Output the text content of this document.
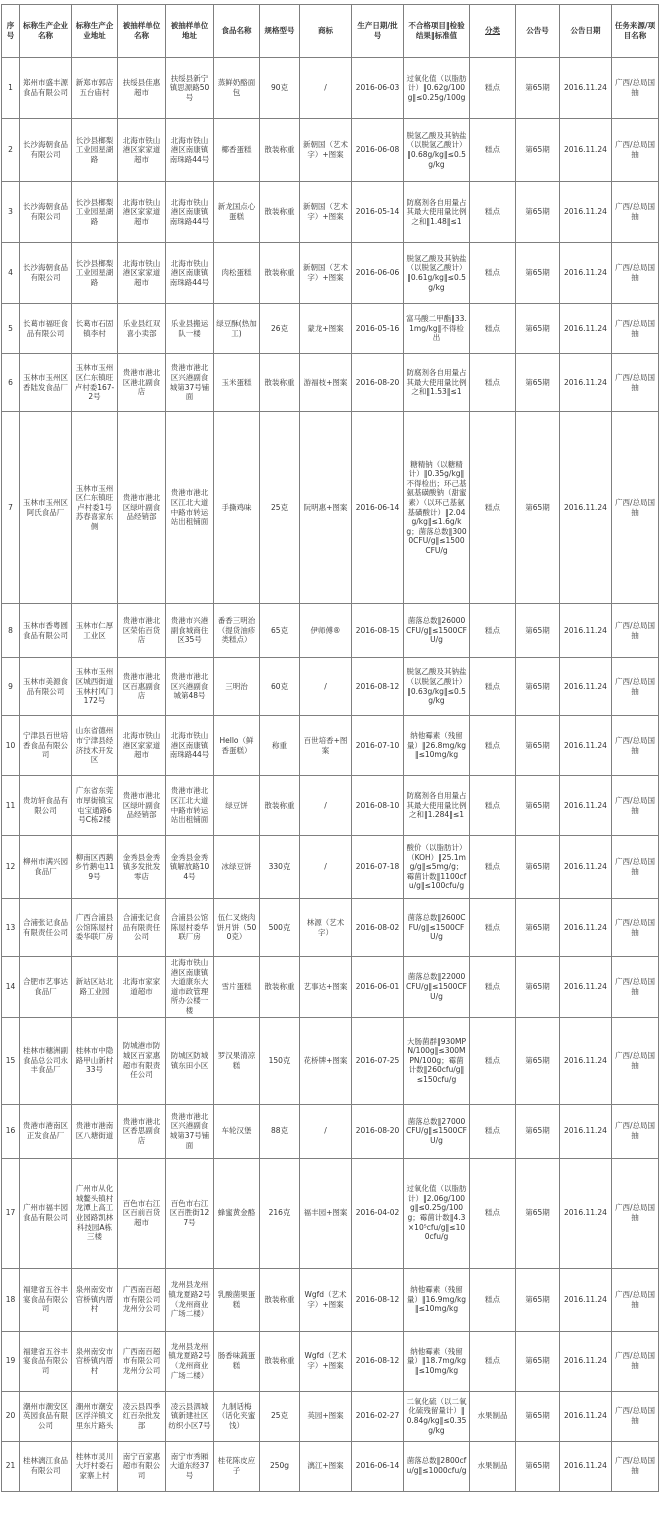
序号	标称生产企业名称	标称生产企业地址	被抽样单位名称	被抽样单位地址	食品名称	规格型号	商标	生产日期/批号	不合格项目‖检验结果‖标准值	分类	公告号	公告日期	任务来源/项目名称
1	郑州市盛丰源食品有限公司	新郑市郭店五台庙村	扶绥县佳惠超市	扶绥县新宁镇思源路50号	蒸鲜奶酪面包	90克	/	2016-06-03	过氧化值（以脂肪计）‖0.62g/100g‖≤0.25g/100g	糕点	第65期	2016.11.24	广西/总局国抽
2	长沙海朝食品有限公司	长沙县榔梨工业园星湖路	北海市铁山港区家家道超市	北海市铁山港区南康镇南珠路44号	椰香蛋糕	散装称重	新朝国（艺术字）+图案	2016-06-08	脱氢乙酸及其钠盐（以脱氢乙酸计）‖0.68g/kg‖≤0.5g/kg	糕点	第65期	2016.11.24	广西/总局国抽
3	长沙海朝食品有限公司	长沙县榔梨工业园星湖路	北海市铁山港区家家道超市	北海市铁山港区南康镇南珠路44号	新龙国点心蛋糕	散装称重	新朝国（艺术字）+图案	2016-05-14	防腐剂各自用量占其最大使用量比例之和‖1.48‖≤1	糕点	第65期	2016.11.24	广西/总局国抽
4	长沙海朝食品有限公司	长沙县榔梨工业园星湖路	北海市铁山港区家家道超市	北海市铁山港区南康镇南珠路44号	肉松蛋糕	散装称重	新朝国（艺术字）+图案	2016-06-06	脱氢乙酸及其钠盐（以脱氢乙酸计）‖0.61g/kg‖≤0.5g/kg	糕点	第65期	2016.11.24	广西/总局国抽
5	长葛市福旺食品有限公司	长葛市石固镇李村	乐业县红双喜小卖部	乐业县搬运队一楼	绿豆酥(热加工)	26克	蒙龙+图案	2016-05-16	富马酸二甲酯‖33.1mg/kg‖不得检出	糕点	第65期	2016.11.24	广西/总局国抽
6	玉林市玉州区香陆发食品厂	玉林市玉州区仁东镇旺卢村委167-2号	贵港市港北区港北副食店	贵港市港北区兴港副食城第37号铺面	玉米蛋糕	散装称重	游福枝+图案	2016-08-20	防腐剂各自用量占其最大使用量比例之和‖1.53‖≤1	糕点	第65期	2016.11.24	广西/总局国抽
7	玉林市玉州区阿氏食品厂	玉林市玉州区仁东镇旺卢村委1号苏春喜家东侧	贵港市港北区绿叶副食品经销部	贵港市港北区江北大道中路市转运站出租铺面	手撕鸡味	25克	阮明惠+图案	2016-06-14	糖精钠（以糖精计）‖0.35g/kg‖不得检出；环己基氨基磺酸钠（甜蜜素）（以环己基氨基磺酸计）‖2.04g/kg‖≤1.6g/kg；菌落总数‖3000CFU/g‖≤1500CFU/g	糕点	第65期	2016.11.24	广西/总局国抽
8	玉林市香粤圆食品有限公司	玉林市仁厚工业区	贵港市港北区荣佑百货店	贵港市兴港副食城商住区35号	番香三明治（提货油疹类糕点）	65克	伊师傅®	2016-08-15	菌落总数‖26000CFU/g‖≤1500CFU/g	糕点	第65期	2016.11.24	广西/总局国抽
9	玉林市美源食品有限公司	玉林市玉州区城西街道玉林村风门172号	贵港市港北区百惠副食店	贵港市港北区兴港副食城第48号	三明治	60克	/	2016-08-12	脱氢乙酸及其钠盐（以脱氢乙酸计）‖0.63g/kg‖≤0.5g/kg	糕点	第65期	2016.11.24	广西/总局国抽
10	宁津县百世培香食品有限公司	山东省德州市宁津县经济技术开发区	北海市铁山港区家家道超市	北海市铁山港区南康镇南珠路44号	Hello（鲜香蛋糕）	称重	百世培香+图案	2016-07-10	纳他霉素（残留量）‖26.8mg/kg‖≤10mg/kg	糕点	第65期	2016.11.24	广西/总局国抽
11	贵坊轩食品有限公司	广东省东莞市厚街镇宝屯宝通路6号C栋2楼	贵港市港北区绿叶副食品经销部	贵港市港北区江北大道中路市转运站出租铺面	绿豆饼	散装称重	/	2016-08-10	防腐剂各自用量占其最大使用量比例之和‖1.284‖≤1	糕点	第65期	2016.11.24	广西/总局国抽
12	柳州市满兴园食品厂	柳南区西鹅乡竹鹅屯119号	金秀县金秀镇多发批发零店	金秀县金秀镇解放路104号	冰绿豆饼	330克	/	2016-07-18	酸价（以脂肪计）（KOH）‖25.1mg/g‖≤5mg/g；霉菌计数‖1100cfu/g‖≤100cfu/g	糕点	第65期	2016.11.24	广西/总局国抽
13	合浦张记食品有限责任公司	广西合浦县公馆陈屋村委华联厂房	合浦张记食品有限责任公司	合浦县公馆陈屋村委华联厂房	伍仁叉烧肉饼月饼（500克）	500克	林源（艺术字）	2016-08-02	菌落总数‖2600CFU/g‖≤1500CFU/g	糕点	第65期	2016.11.24	广西/总局国抽
14	合肥市艺事达食品厂	新站区站北路工业园	北海市家家道超市	北海市铁山港区南康镇大道康东大道市政管理所办公楼一楼	雪片蛋糕	散装称重	艺事达+图案	2016-06-01	菌落总数‖22000CFU/g‖≤1500CFU/g	糕点	第65期	2016.11.24	广西/总局国抽
15	桂林市穗洲副食品总公司永丰食品厂	桂林市中隐路甲山新村33号	防城港市防城区百家惠超市有限责任公司	防城区防城镇东田小区	罗汉果清凉糕	150克	花桥牌+图案	2016-07-25	大肠菌群‖930MPN/100g‖≤300MPN/100g；霉菌计数‖260cfu/g‖≤150cfu/g	糕点	第65期	2016.11.24	广西/总局国抽
16	贵港市港南区正发食品厂	贵港市港南区八塘街道	贵港市港北区香思副食店	贵港市港北区兴港副食城第37号铺面	车轮汉堡	88克	/	2016-08-20	菌落总数‖27000CFU/g‖≤1500CFU/g	糕点	第65期	2016.11.24	广西/总局国抽
17	广州市福丰园食品有限公司	广州市从化城鳌头镇村龙潭上高工业园路凯林科技园A栋三楼	百色市右江区百前百货超市	百色市右江区百胜街127号	蜂蜜黄金酪	216克	福丰园+图案	2016-04-02	过氧化值（以脂肪计）‖2.06g/100g‖≤0.25g/100g；霉菌计数‖4.3×10⁵cfu/g‖≤100cfu/g	糕点	第65期	2016.11.24	广西/总局国抽
18	福建省五谷丰宴食品有限公司	泉州南安市官桥镇内厝村	广西南百超市有限公司龙州分公司	龙州县龙州镇龙夏路2号（龙州商业广场二楼）	乳酸菌果蛋糕	散装称重	Wgfd（艺术字）+图案	2016-08-12	纳他霉素（残留量）‖16.9mg/kg‖≤10mg/kg	糕点	第65期	2016.11.24	广西/总局国抽
19	福建省五谷丰宴食品有限公司	泉州南安市官桥镇内厝村	广西南百超市有限公司龙州分公司	龙州县龙州镇龙夏路2号（龙州商业广场二楼）	肠香味蔬蛋糕	散装称重	Wgfd（艺术字）+图案	2016-08-12	纳他霉素（残留量）‖18.7mg/kg‖≤10mg/kg	糕点	第65期	2016.11.24	广西/总局国抽
20	潮州市潮安区英园食品有限公司	潮州市潮安区浮洋镇文里东片路头	凌云县四季红百杂批发部	凌云县泗城镇新建社区纺织小区7号	九制话梅（话化夹蜜饯）	25克	英园+图案	2016-02-27	二氧化硫（以二氧化硫残留量计）‖0.84g/kg‖≤0.35g/kg	水果制品	第65期	2016.11.24	广西/总局国抽
21	桂林漓江食品有限公司	桂林市灵川大圩村委石家寨上村	南宁百家惠超市有限公司	南宁市秀厢大道东经37号	桂花陈皮应子	250g	漓江+图案	2016-06-14	菌落总数‖2800cfu/g‖≤1000cfu/g	水果制品	第65期	2016.11.24	广西/总局国抽
